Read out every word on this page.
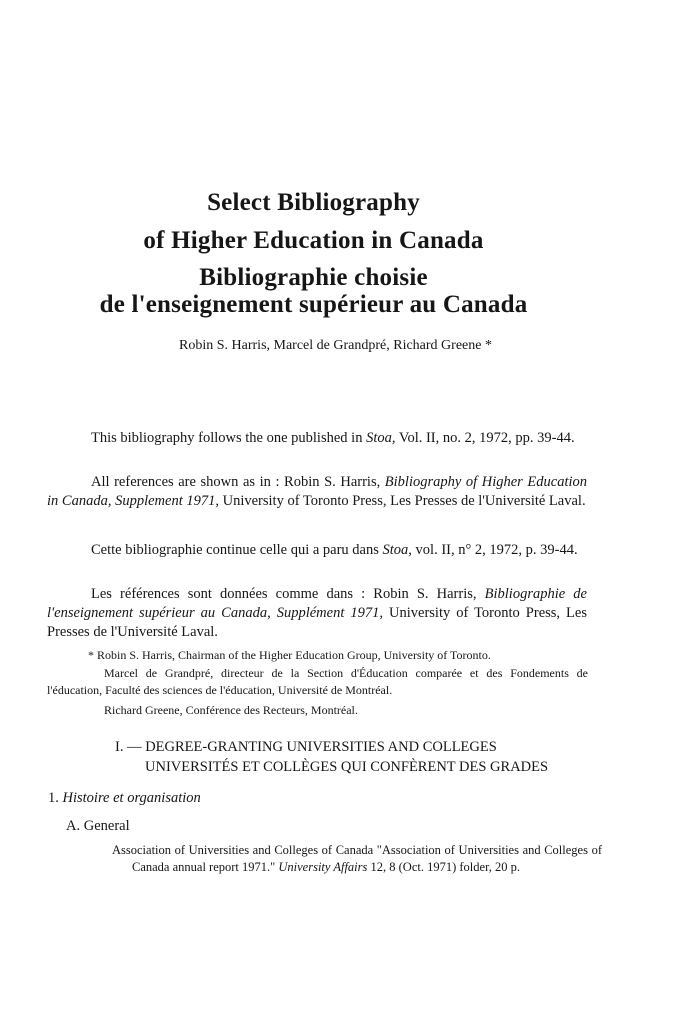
Select Bibliography
of Higher Education in Canada
Bibliographie choisie
de l'enseignement supérieur au Canada
Robin S. Harris, Marcel de Grandpré, Richard Greene *
This bibliography follows the one published in Stoa, Vol. II, no. 2, 1972, pp. 39-44.
All references are shown as in : Robin S. Harris, Bibliography of Higher Education in Canada, Supplement 1971, University of Toronto Press, Les Presses de l'Université Laval.
Cette bibliographie continue celle qui a paru dans Stoa, vol. II, n° 2, 1972, p. 39-44.
Les références sont données comme dans : Robin S. Harris, Bibliographie de l'enseignement supérieur au Canada, Supplément 1971, University of Toronto Press, Les Presses de l'Université Laval.
* Robin S. Harris, Chairman of the Higher Education Group, University of Toronto.
Marcel de Grandpré, directeur de la Section d'Éducation comparée et des Fondements de l'éducation, Faculté des sciences de l'éducation, Université de Montréal.
Richard Greene, Conférence des Recteurs, Montréal.
I. — DEGREE-GRANTING UNIVERSITIES AND COLLEGES
UNIVERSITÉS ET COLLÈGES QUI CONFÈRENT DES GRADES
1. Histoire et organisation
A. General
Association of Universities and Colleges of Canada "Association of Universities and Colleges of Canada annual report 1971." University Affairs 12, 8 (Oct. 1971) folder, 20 p.
